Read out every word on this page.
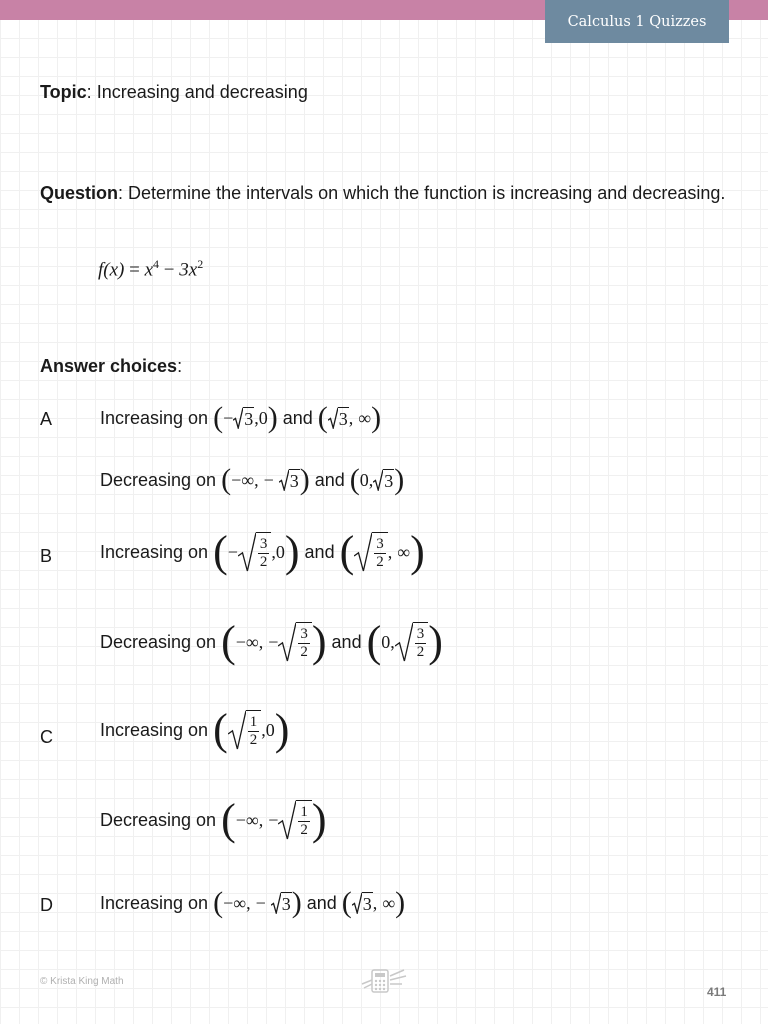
Calculus 1 Quizzes
Topic: Increasing and decreasing
Question: Determine the intervals on which the function is increasing and decreasing.
$f(x) = x^4 - 3x^2$
Answer choices:
A	Increasing on ( − 3 , 0 ) and ( 3 ,
∞ )
Decreasing on ( −∞ ,
−
3 ) and ( 0 , 3 )
B	Increasing on ( − $\frac{3}{2}$ , 0 ) and ( $\frac{3}{2}$ ,
∞ )
Decreasing on ( −∞ ,
− $\frac{3}{2}$ ) and ( 0 , $\frac{3}{2}$ )
C	Increasing on ( $\frac{1}{2}$ , 0 )
Decreasing on ( −∞ ,
− $\frac{1}{2}$ )
D	Increasing on ( −∞ ,
−
3 ) and ( 3 ,
∞ )
© Krista King Math
411
